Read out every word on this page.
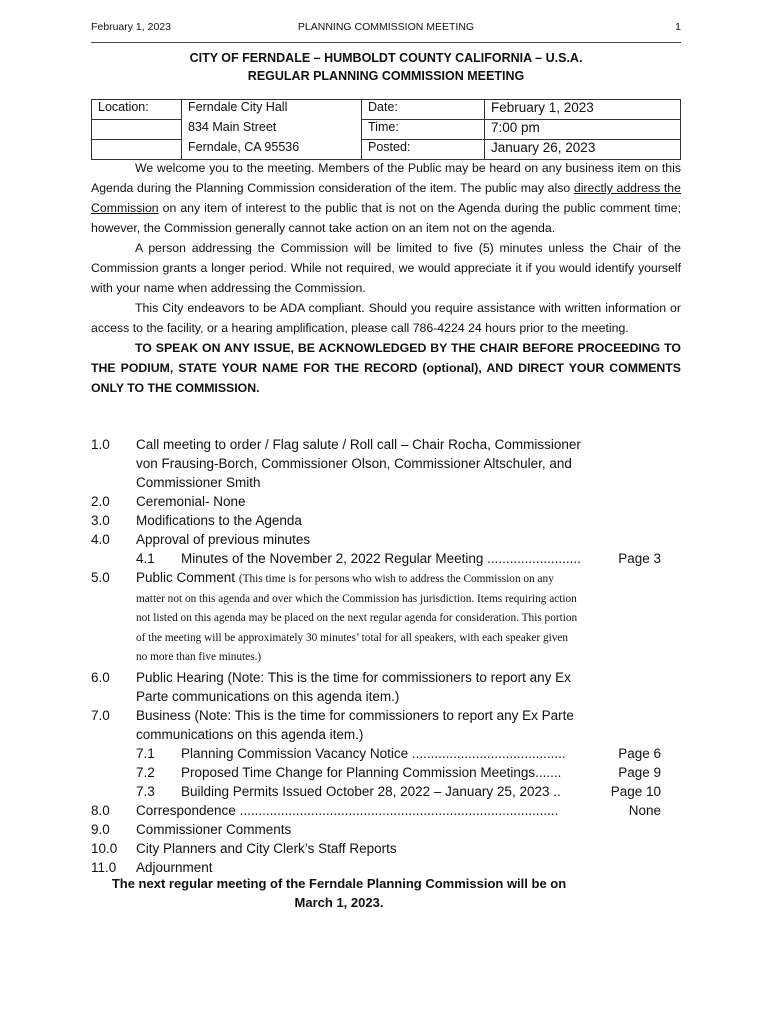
February 1, 2023	PLANNING COMMISSION MEETING	1
CITY OF FERNDALE – HUMBOLDT COUNTY CALIFORNIA – U.S.A.
REGULAR PLANNING COMMISSION MEETING
Location:	Ferndale City Hall	Date:	February 1, 2023
	834 Main Street	Time:	7:00 pm
	Ferndale, CA 95536	Posted:	January 26, 2023

We welcome you to the meeting. Members of the Public may be heard on any business item on this Agenda during the Planning Commission consideration of the item. The public may also directly address the Commission on any item of interest to the public that is not on the Agenda during the public comment time; however, the Commission generally cannot take action on an item not on the agenda.

A person addressing the Commission will be limited to five (5) minutes unless the Chair of the Commission grants a longer period. While not required, we would appreciate it if you would identify yourself with your name when addressing the Commission.

This City endeavors to be ADA compliant. Should you require assistance with written information or access to the facility, or a hearing amplification, please call 786-4224 24 hours prior to the meeting.

TO SPEAK ON ANY ISSUE, BE ACKNOWLEDGED BY THE CHAIR BEFORE PROCEEDING TO THE PODIUM, STATE YOUR NAME FOR THE RECORD (optional), AND DIRECT YOUR COMMENTS ONLY TO THE COMMISSION.

1.0 Call meeting to order / Flag salute / Roll call – Chair Rocha, Commissioner von Frausing-Borch, Commissioner Olson, Commissioner Altschuler, and Commissioner Smith
2.0 Ceremonial- None
3.0 Modifications to the Agenda
4.0 Approval of previous minutes
4.1 Minutes of the November 2, 2022 Regular Meeting .........................	Page 3
5.0 Public Comment (This time is for persons who wish to address the Commission on any matter not on this agenda and over which the Commission has jurisdiction. Items requiring action not listed on this agenda may be placed on the next regular agenda for consideration. This portion of the meeting will be approximately 30 minutes’ total for all speakers, with each speaker given no more than five minutes.)
6.0 Public Hearing (Note: This is the time for commissioners to report any Ex Parte communications on this agenda item.)
7.0 Business (Note: This is the time for commissioners to report any Ex Parte communications on this agenda item.)
7.1 Planning Commission Vacancy Notice .........................................	Page 6
7.2 Proposed Time Change for Planning Commission Meetings.......	Page 9
7.3 Building Permits Issued October 28, 2022 – January 25, 2023 ..	Page 10
8.0 Correspondence .....................................................................................	None
9.0 Commissioner Comments
10.0 City Planners and City Clerk’s Staff Reports
11.0 Adjournment
The next regular meeting of the Ferndale Planning Commission will be on
March 1, 2023.
